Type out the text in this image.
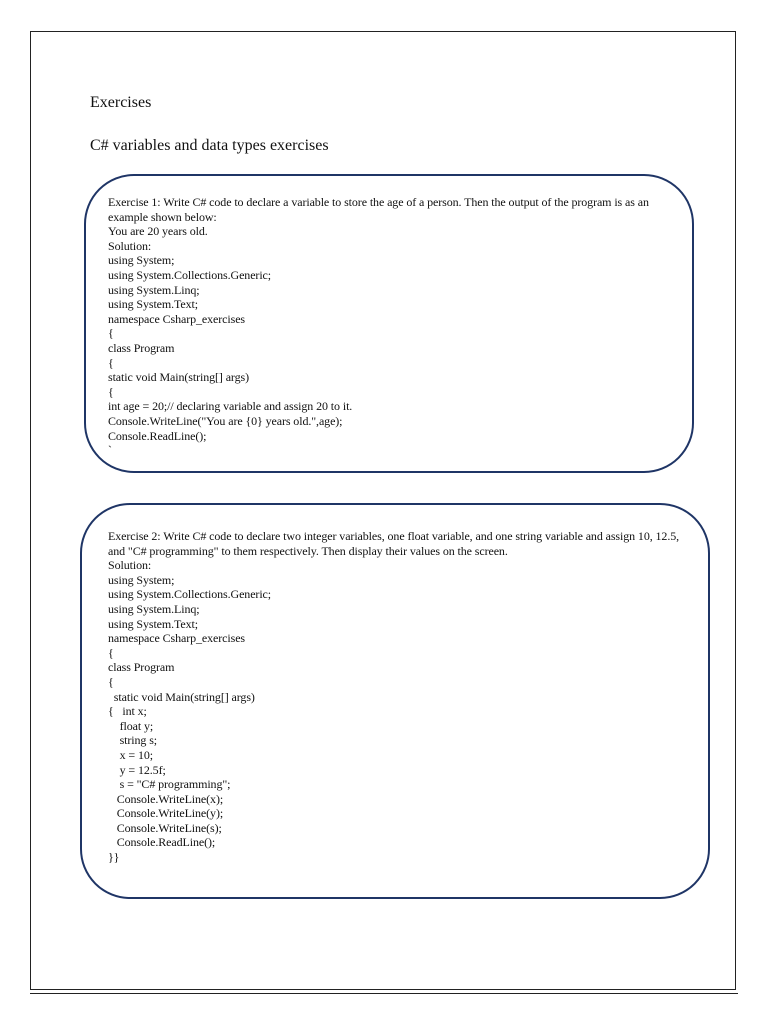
Exercises
C# variables and data types exercises

Exercise 1: Write C# code to declare a variable to store the age of a person. Then the output of the program is as an example shown below:

You are 20 years old.

Solution:

using System;

using System.Collections.Generic;

using System.Linq;

using System.Text;

namespace Csharp_exercises

{

class Program

{

static void Main(string[] args)

{

int age = 20;// declaring variable and assign 20 to it.

Console.WriteLine("You are {0} years old.",age);

Console.ReadLine();

`

Exercise 2: Write C# code to declare two integer variables, one float variable, and one string variable and assign 10, 12.5, and "C# programming" to them respectively. Then display their values on the screen.

Solution:

using System;

using System.Collections.Generic;

using System.Linq;

using System.Text;

namespace Csharp_exercises

{

class Program

{

static void Main(string[] args)

{   int x;

float y;

string s;

x = 10;

y = 12.5f;

s = "C# programming";

Console.WriteLine(x);

Console.WriteLine(y);

Console.WriteLine(s);

Console.ReadLine();

}}
